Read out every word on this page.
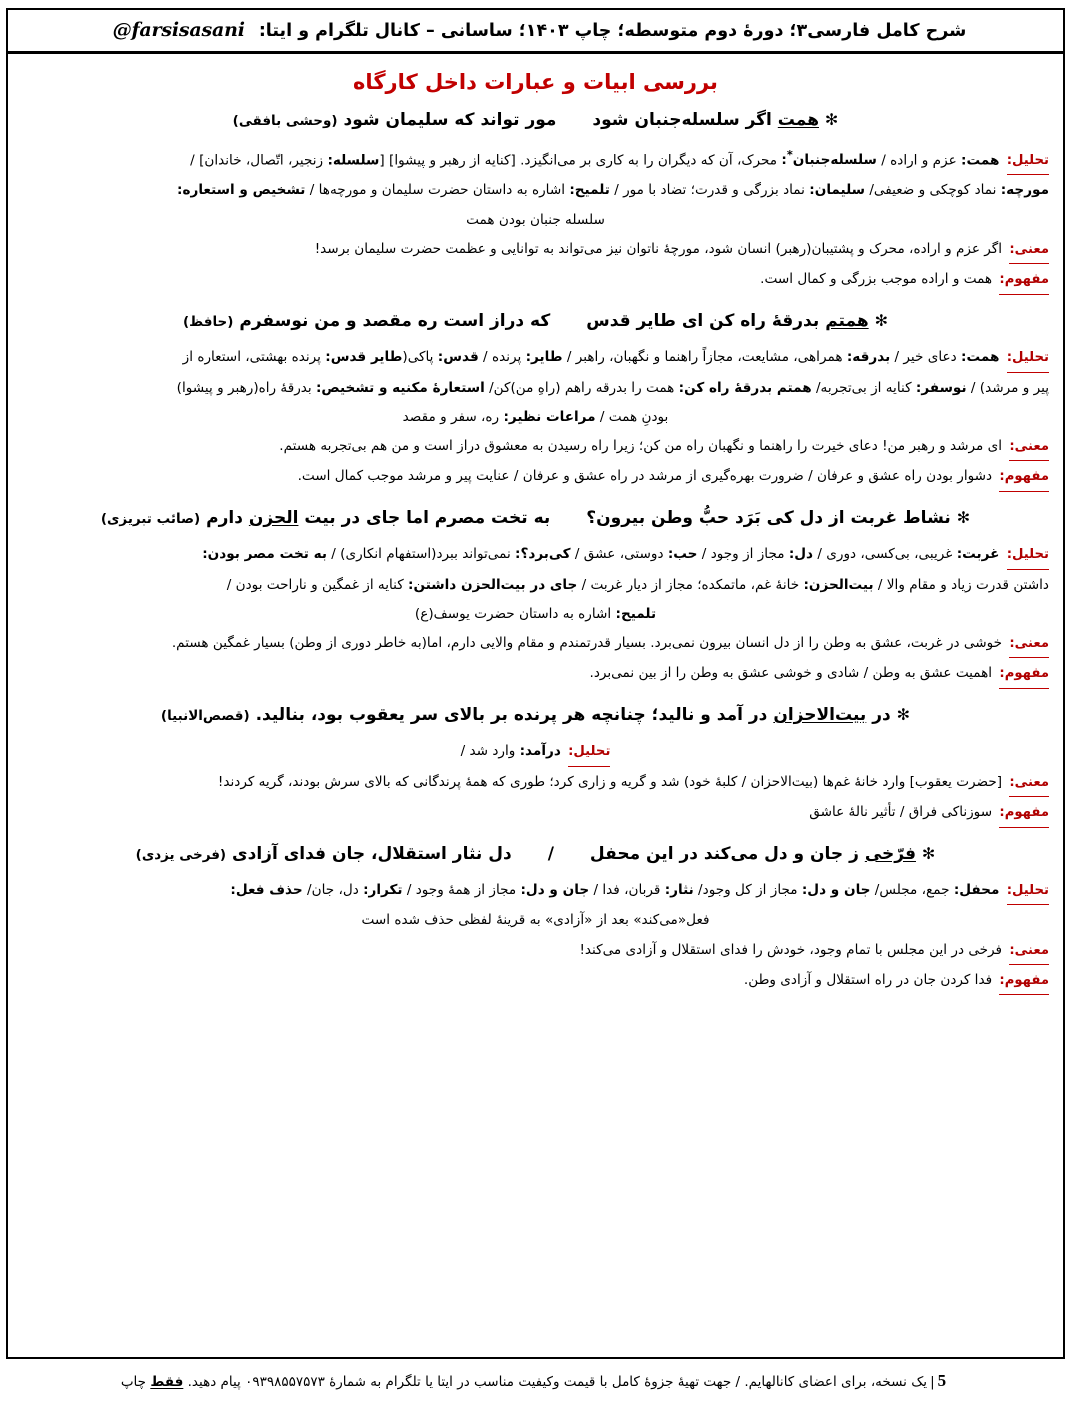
شرح کامل فارسی۳؛ دورهٔ دوم متوسطه؛ چاپ ۱۴۰۳؛ ساسانی – کانال تلگرام و ایتا: @farsisasani
بررسی ابیات و عبارات داخل کارگاه
✻ همت اگر سلسله‌جنبان شودمور تواند که سلیمان شود (وحشی بافقی)
تحلیل: همت: عزم و اراده / سلسله‌جنبان*: محرک، آن که دیگران را به کاری بر می‌انگیزد. [کنایه از رهبر و پیشوا] [سلسله: زنجیر، اتّصال، خاندان] /
مورچه: نماد کوچکی و ضعیفی/ سلیمان: نماد بزرگی و قدرت؛ تضاد با مور / تلمیح: اشاره به داستان حضرت سلیمان و مورچه‌ها / تشخیص و استعاره:
سلسله جنبان بودن همت
معنی: اگر عزم و اراده، محرک و پشتیبان(رهبر) انسان شود، مورچهٔ ناتوان نیز می‌تواند به توانایی و عظمت حضرت سلیمان برسد!
مفهوم: همت و اراده موجب بزرگی و کمال است.
✻ همتم بدرقهٔ راه کن ای طایر قدسکه دراز است ره مقصد و من نوسفرم (حافظ)
تحلیل: همت: دعای خیر / بدرقه: همراهی، مشایعت، مجازاً راهنما و نگهبان، راهبر / طایر: پرنده / قدس: پاکی(طایر قدس: پرنده بهشتی، استعاره از
پیر و مرشد) / نوسفر: کنایه از بی‌تجربه/ همتم بدرقهٔ راه کن: همت را بدرقه راهم (راهِ من)کن/ استعارهٔ مکنیه و تشخیص: بدرقهٔ راه(رهبر و پیشوا)
بودنِ همت / مراعات نظیر: ره، سفر و مقصد
معنی: ای مرشد و رهبر من! دعای خیرت را راهنما و نگهبان راه من کن؛ زیرا راه رسیدن به معشوق دراز است و من هم بی‌تجربه هستم.
مفهوم: دشوار بودن راه عشق و عرفان / ضرورت بهره‌گیری از مرشد در راه عشق و عرفان / عنایت پیر و مرشد موجب کمال است.
✻ نشاط غربت از دل کی بَرَد حبُّ وطن بیرون؟به تخت مصرم اما جای در بیت الحزن دارم (صائب تبریزی)
تحلیل: غربت: غریبی، بی‌کسی، دوری / دل: مجاز از وجود / حب: دوستی، عشق / کی‌برد؟: نمی‌تواند ببرد(استفهام انکاری) / به تخت مصر بودن:
داشتن قدرت زیاد و مقام والا / بیت‌الحزن: خانهٔ غم، ماتمکده؛ مجاز از دیار غربت / جای در بیت‌الحزن داشتن: کنایه از غمگین و ناراحت بودن /
تلمیح: اشاره به داستان حضرت یوسف(ع)
معنی: خوشی در غربت، عشق به وطن را از دل انسان بیرون نمی‌برد. بسیار قدرتمندم و مقام والایی دارم، اما(به خاطر دوری از وطن) بسیار غمگین هستم.
مفهوم: اهمیت عشق به وطن / شادی و خوشی عشق به وطن را از بین نمی‌برد.
✻ در بیت‌الاحزان در آمد و نالید؛ چنانچه هر پرنده بر بالای سر یعقوب بود، بنالید. (قصص‌الانبیا)
تحلیل: در‌آمد: وارد شد /
معنی: [حضرت یعقوب] وارد خانهٔ غم‌ها (بیت‌الاحزان / کلبهٔ خود) شد و گریه و زاری کرد؛ طوری که همهٔ پرندگانی که بالای سرش بودند، گریه کردند!
مفهوم: سوزناکی فراق / تأثیر نالهٔ عاشق
✻ فرّخی ز جان و دل می‌کند در این محفل/دل نثار استقلال، جان فدای آزادی (فرخی یزدی)
تحلیل: محفل: جمع، مجلس/ جان و دل: مجاز از کل وجود/ نثار: قربان، فدا / جان و دل: مجاز از همهٔ وجود / تکرار: دل، جان/ حذف فعل:
فعل«می‌کند» بعد از «آزادی» به قرینهٔ لفظی حذف شده است
معنی: فرخی در این مجلس با تمام وجود، خودش را فدای استقلال و آزادی می‌کند!
مفهوم: فدا کردن جان در راه استقلال و آزادی وطن.
5|یک نسخه، برای اعضای کانالهایم. / جهت تهیهٔ جزوهٔ کامل با قیمت وکیفیت مناسب در ایتا یا تلگرام به شمارهٔ ۰۹۳۹۸۵۵۷۵۷۳ پیام دهید. فقط چاپ
